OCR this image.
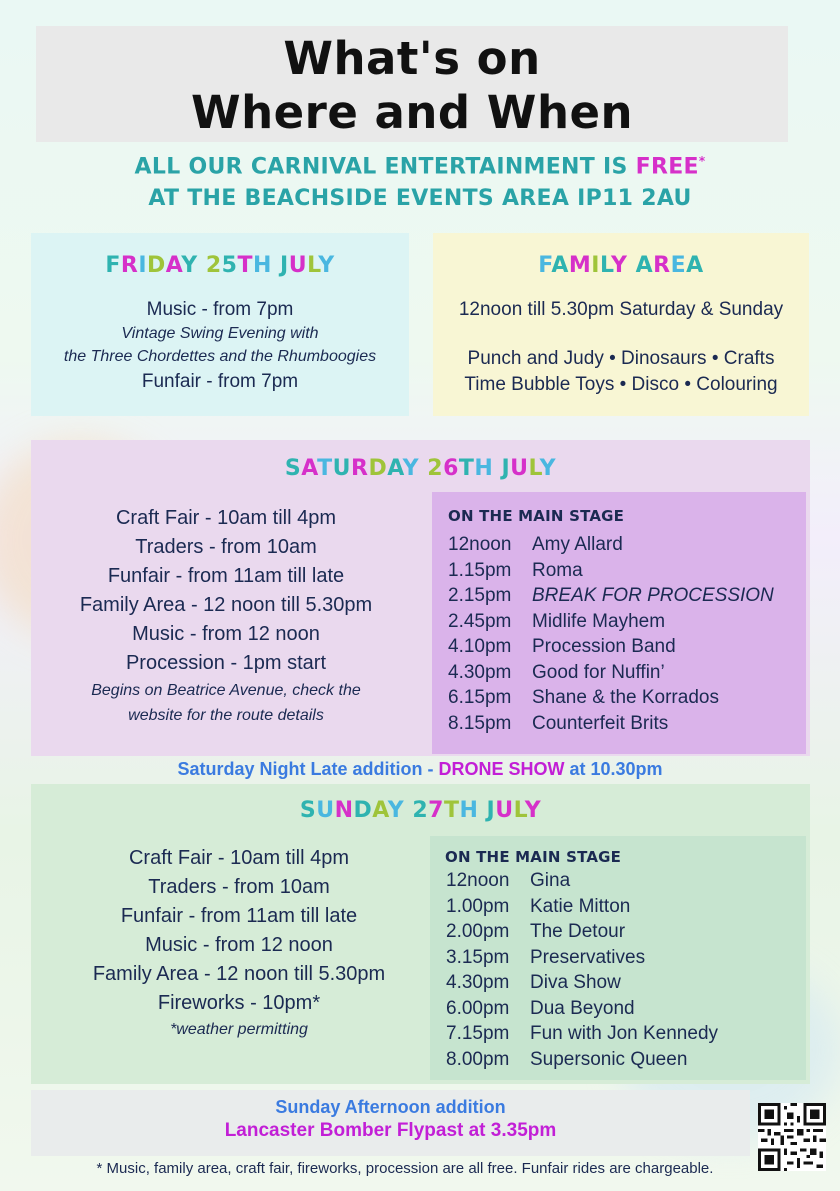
What's on
Where and When
ALL OUR CARNIVAL ENTERTAINMENT IS FREE*
AT THE BEACHSIDE EVENTS AREA IP11 2AU
FRIDAY 25TH JULY
Music - from 7pm
Vintage Swing Evening with
the Three Chordettes and the Rhumboogies
Funfair - from 7pm
FAMILY AREA
12noon till 5.30pm Saturday & Sunday
Punch and Judy • Dinosaurs • Crafts
Time Bubble Toys • Disco • Colouring
SATURDAY 26TH JULY
Craft Fair - 10am till 4pm
Traders - from 10am
Funfair - from 11am till late
Family Area - 12 noon till 5.30pm
Music - from 12 noon
Procession - 1pm start
Begins on Beatrice Avenue, check the
website for the route details
ON THE MAIN STAGE
12noon	Amy Allard
1.15pm	Roma
2.15pm	BREAK FOR PROCESSION
2.45pm	Midlife Mayhem
4.10pm	Procession Band
4.30pm	Good for Nuffin’
6.15pm	Shane & the Korrados
8.15pm	Counterfeit Brits
Saturday Night Late addition - DRONE SHOW at 10.30pm
SUNDAY 27TH JULY
Craft Fair - 10am till 4pm
Traders - from 10am
Funfair - from 11am till late
Music - from 12 noon
Family Area - 12 noon till 5.30pm
Fireworks - 10pm*
*weather permitting
ON THE MAIN STAGE
12noon	Gina
1.00pm	Katie Mitton
2.00pm	The Detour
3.15pm	Preservatives
4.30pm	Diva Show
6.00pm	Dua Beyond
7.15pm	Fun with Jon Kennedy
8.00pm	Supersonic Queen
Sunday Afternoon addition
Lancaster Bomber Flypast at 3.35pm
* Music, family area, craft fair, fireworks, procession are all free. Funfair rides are chargeable.
